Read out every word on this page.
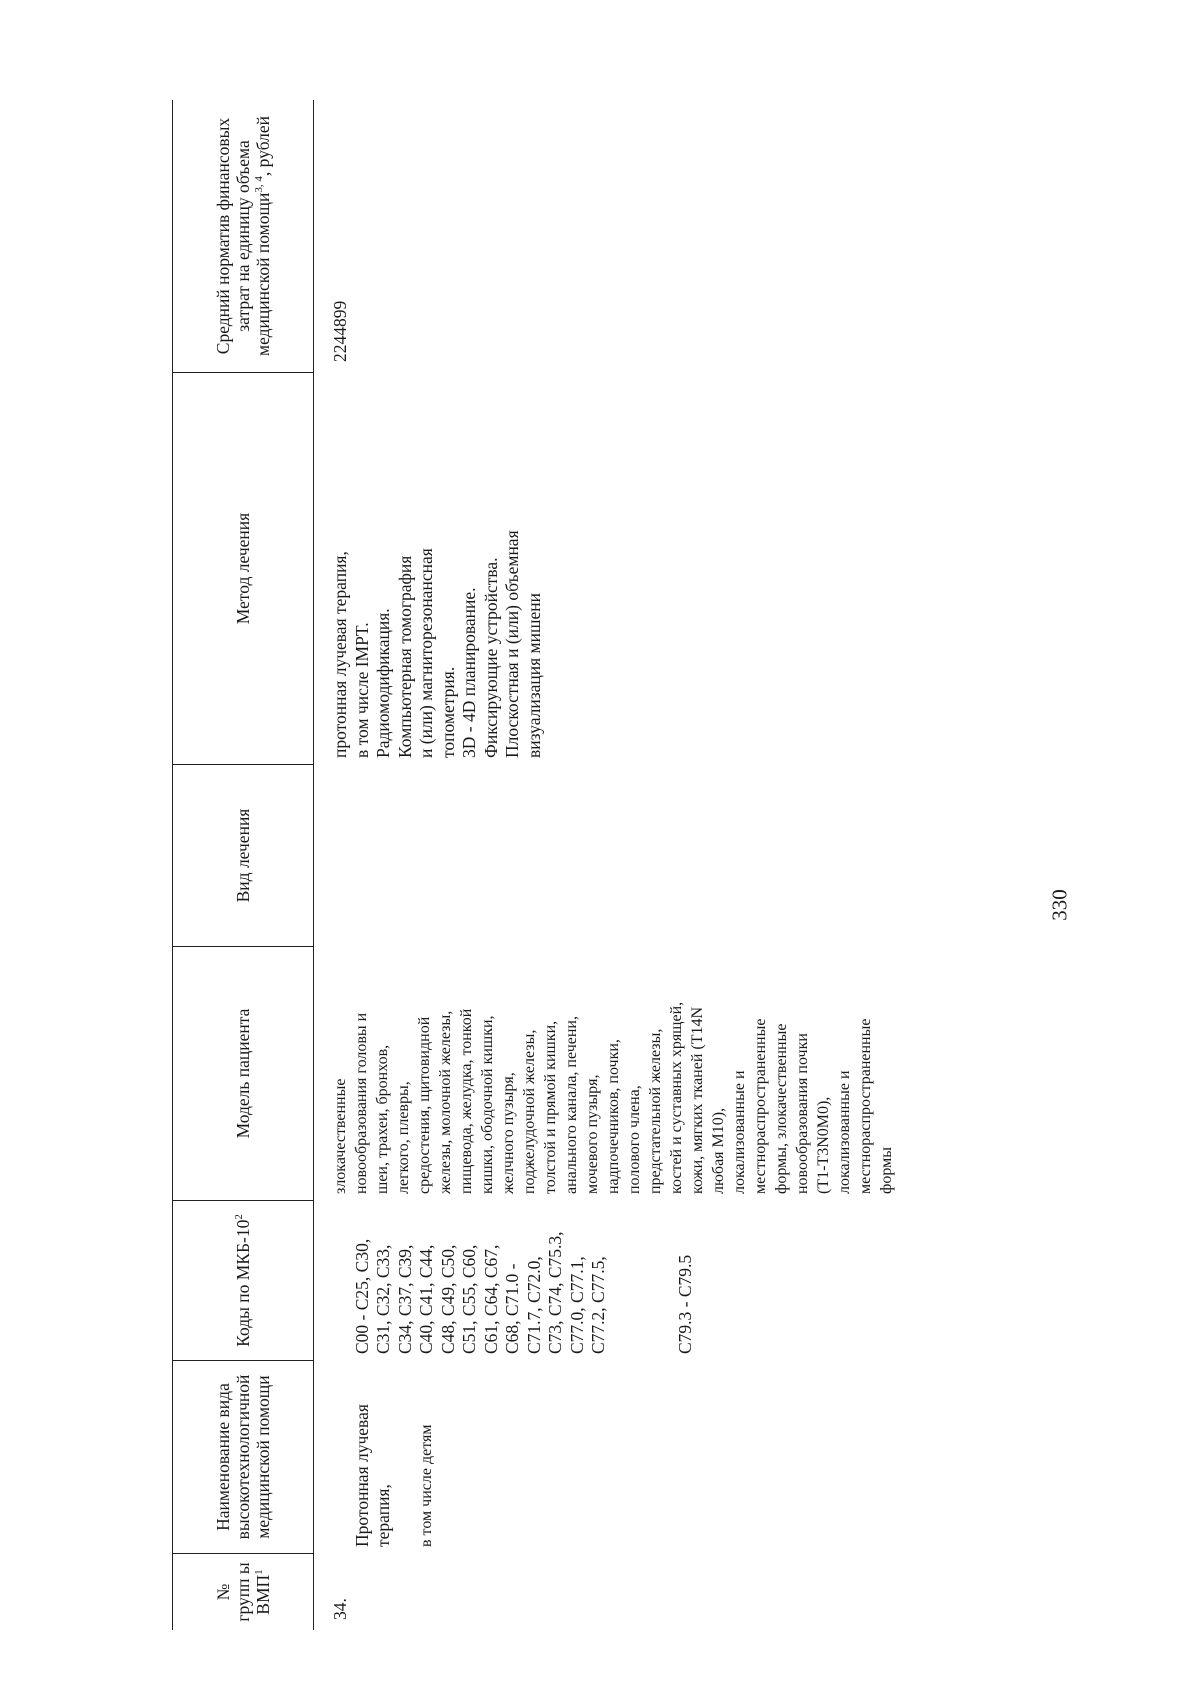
330
№ групп ы ВМП$^1$
Наименование вида высокотехнологичной медицинской помощи
Коды по МКБ-$10^2$
Модель пациента
Вид лечения
Метод лечения
Средний норматив финансовых затрат на единицу объема медицинской помощи$^{3, 4}$, рублей
34.

Протонная лучевая терапия, в том числе детям

C00 - C25, C30,
C31, C32, C33,
C34, C37, C39,
C40, C41, C44,
C48, C49, C50,
C51, C55, C60,
C61, C64, C67,
C68, C71.0 -
C71.7, C72.0,
C73, C74, C75.3,
C77.0, C77.1,
C77.2, C77.5,	C79.3 - C79.5

злокачественные
новообразования головы и
шеи, трахеи, бронхов,
легкого, плевры,
средостения, щитовидной
железы, молочной железы,
пищевода, желудка, тонкой
кишки, ободочной кишки,
желчного пузыря,
поджелудочной железы,
толстой и прямой кишки,
анального канала, печени,
мочевого пузыря,
надпочечников, почки,
полового члена,
предстательной железы,
костей и суставных хрящей,
кожи, мягких тканей (T14N
любая M10),
локализованные и
местнораспространенные
формы, злокачественные
новообразования почки
(T1-T3N0M0),
локализованные и
местнораспространенные
формы
протонная лучевая терапия,
в том числе IMPT.
Радиомодификация.
Компьютерная томография
и (или) магниторезонансная
топометрия.
3D - 4D планирование.
Фиксирующие устройства.
Плоскостная и (или) объемная
визуализация мишени
2244899
